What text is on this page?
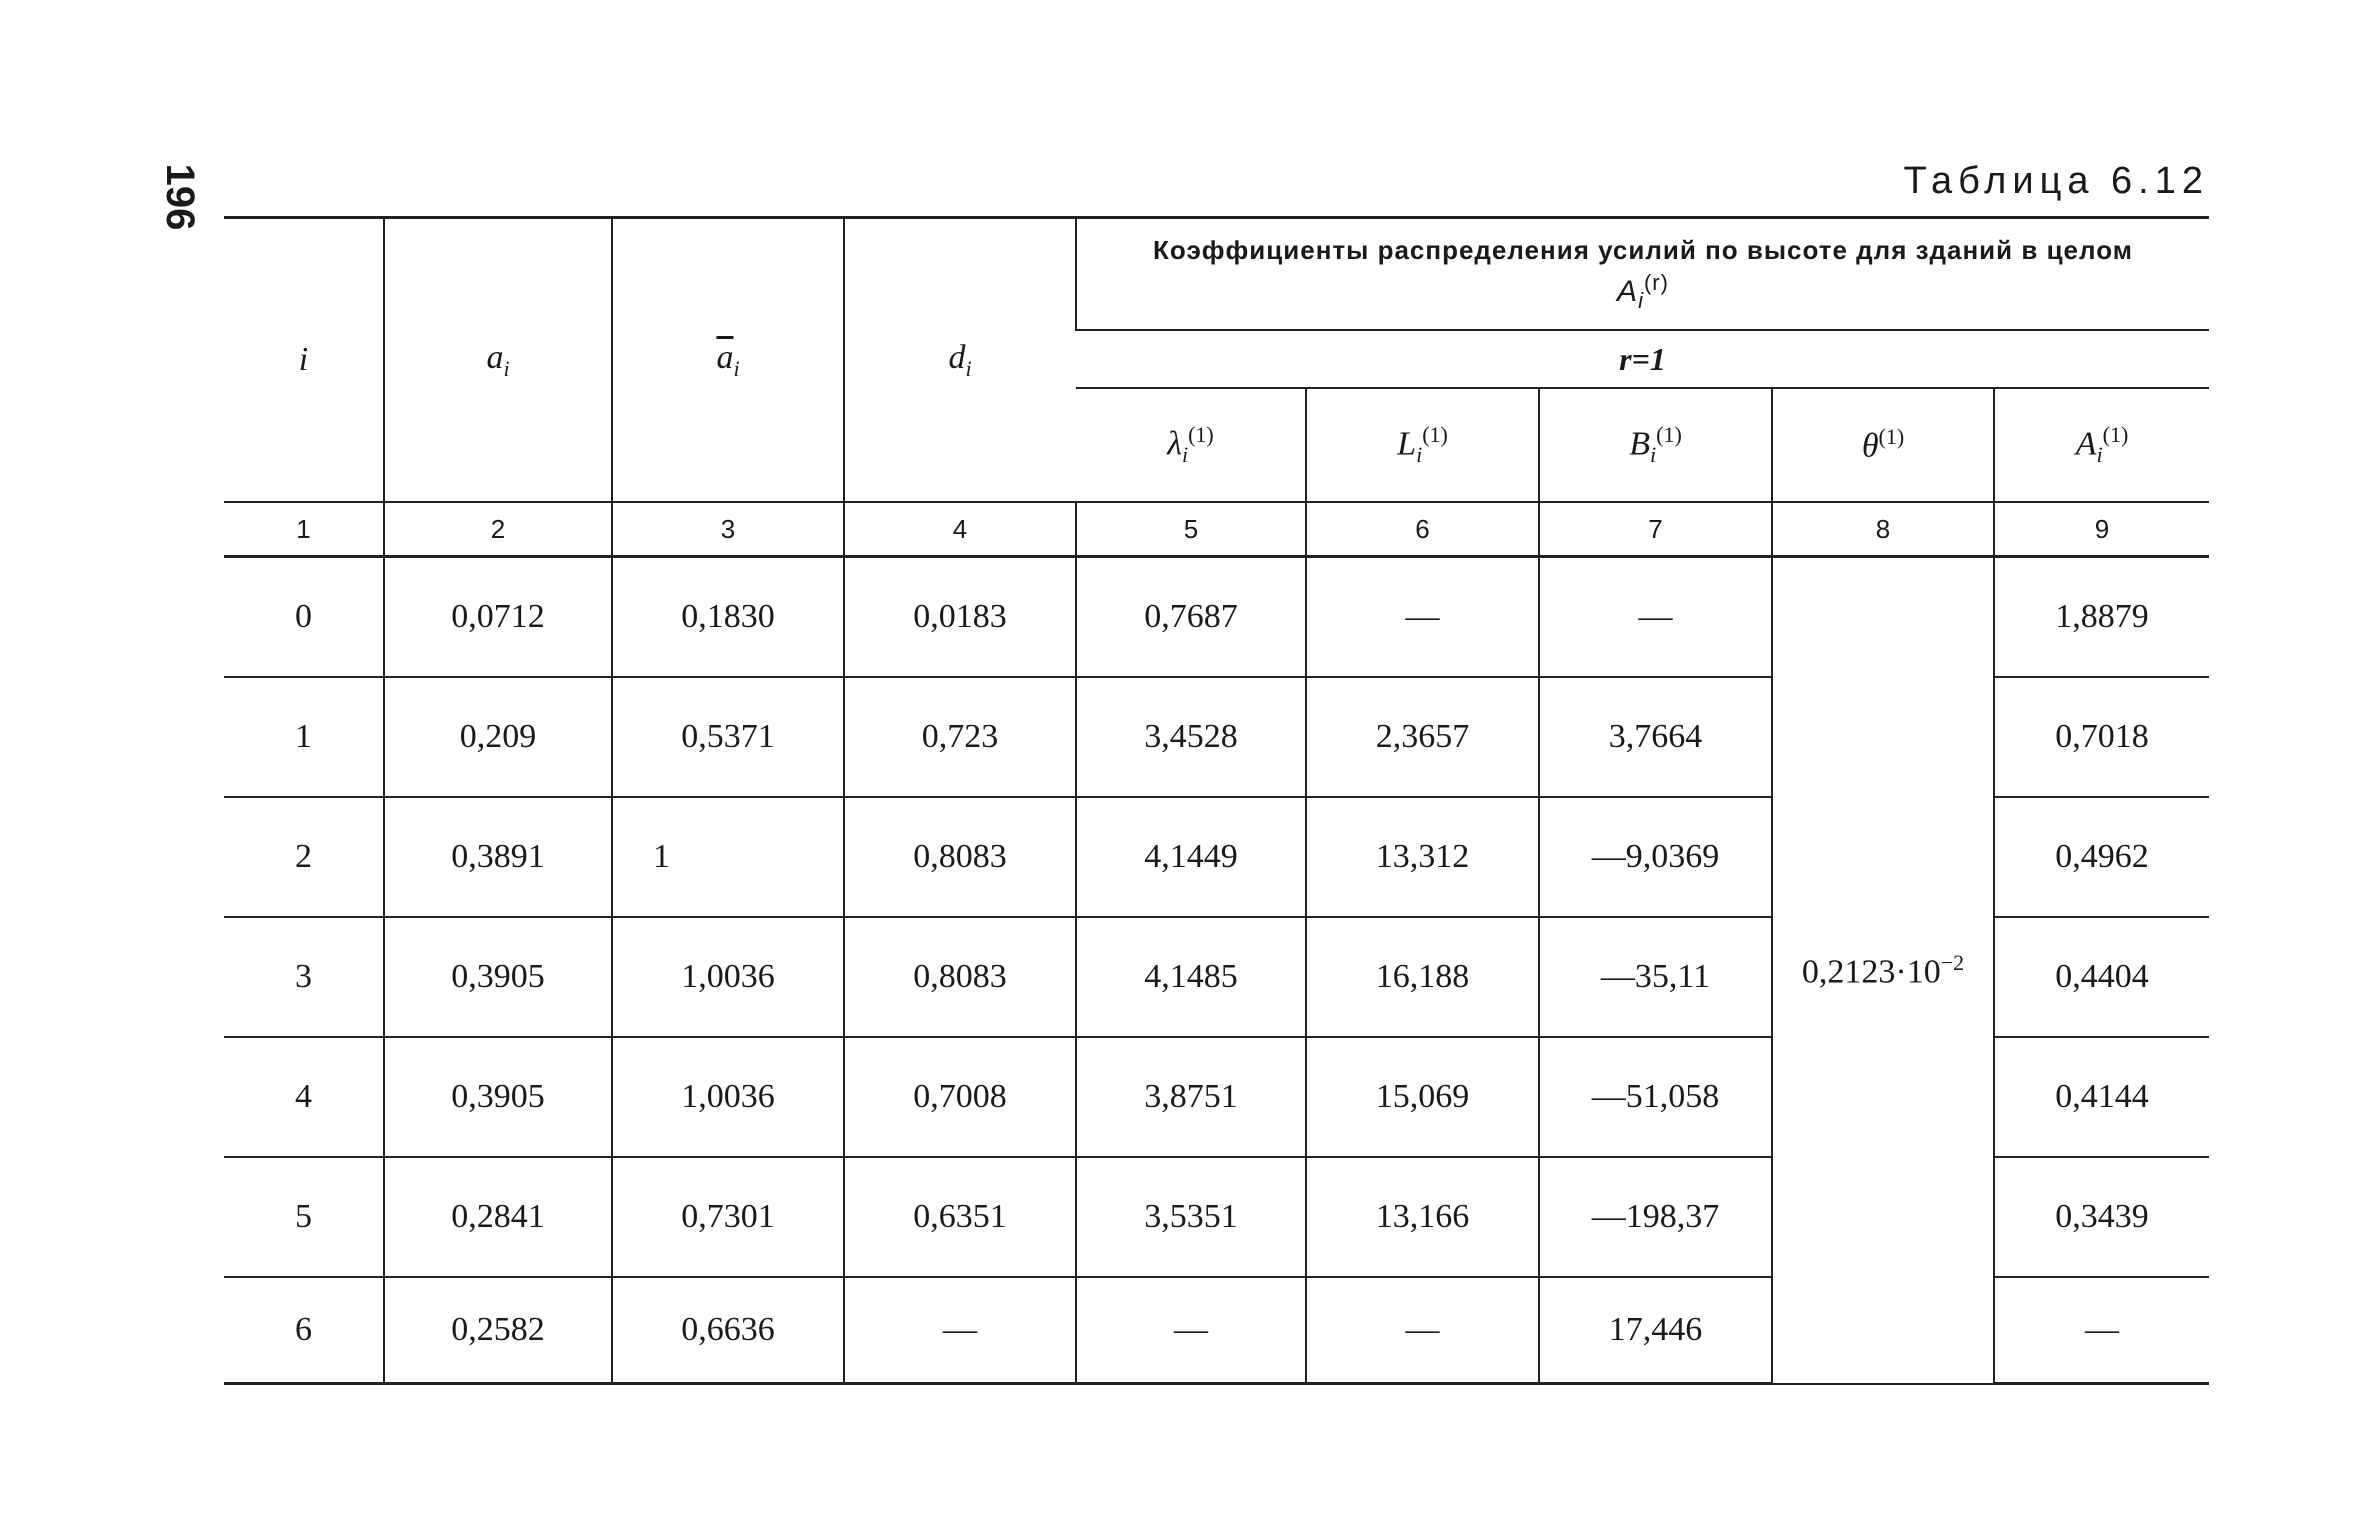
196	Таблица 6.12
i	$a_i$	$\overline{a}_i$	$d_i$	Коэффициенты распределения усилий по высоте для зданий в целом
$A_i^{(r)}$

				r=1				
				$\lambda_i^{(1)}$	$L_i^{(1)}$	$B_i^{(1)}$	$\theta^{(1)}$	$A_i^{(1)}$
1	2	3	4	5	6	7	8	9
0	0,0712	0,1830	0,0183	0,7687	—	—	$0,2123\cdot 10^{-2}$	1,8879
1	0,209	0,5371	0,723	3,4528	2,3657	3,7664		0,7018
2	0,3891	1	0,8083	4,1449	13,312	—9,0369		0,4962
3	0,3905	1,0036	0,8083	4,1485	16,188	—35,11		0,4404
4	0,3905	1,0036	0,7008	3,8751	15,069	—51,058		0,4144
5	0,2841	0,7301	0,6351	3,5351	13,166	—198,37		0,3439
6	0,2582	0,6636	—	—	—	17,446		—
